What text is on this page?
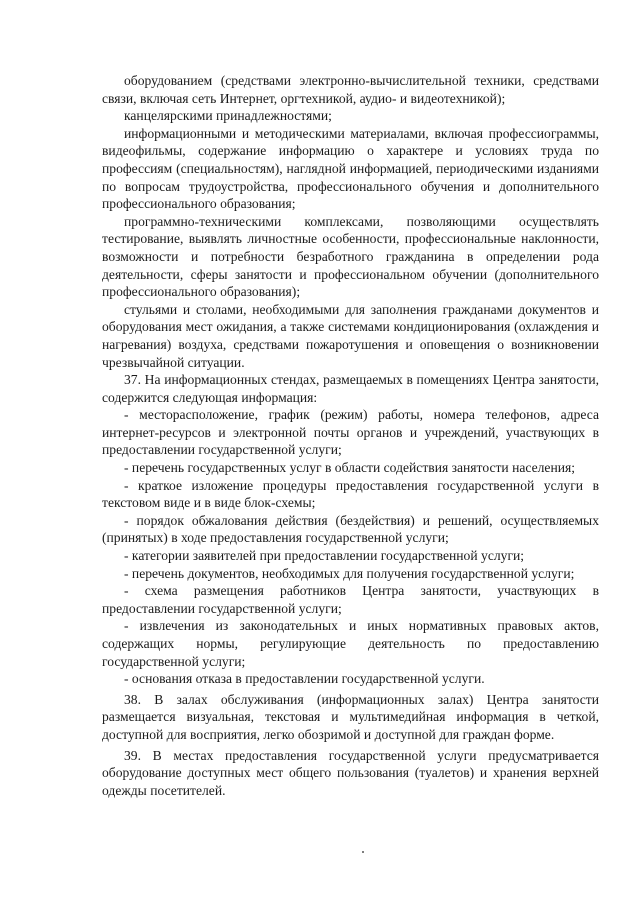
оборудованием (средствами электронно-вычислительной техники, средствами связи, включая сеть Интернет, оргтехникой, аудио- и видеотехникой);

канцелярскими принадлежностями;

информационными и методическими материалами, включая профессиограммы, видеофильмы, содержание информацию о характере и условиях труда по профессиям (специальностям), наглядной информацией, периодическими изданиями по вопросам трудоустройства, профессионального обучения и дополнительного профессионального образования;

программно-техническими комплексами, позволяющими осуществлять тестирование, выявлять личностные особенности, профессиональные наклонности, возможности и потребности безработного гражданина в определении рода деятельности, сферы занятости и профессиональном обучении (дополнительного профессионального образования);

стульями и столами, необходимыми для заполнения гражданами документов и оборудования мест ожидания, а также системами кондиционирования (охлаждения и нагревания) воздуха, средствами пожаротушения и оповещения о возникновении чрезвычайной ситуации.

37. На информационных стендах, размещаемых в помещениях Центра занятости, содержится следующая информация:

- месторасположение, график (режим) работы, номера телефонов, адреса интернет-ресурсов и электронной почты органов и учреждений, участвующих в предоставлении государственной услуги;

- перечень государственных услуг в области содействия занятости населения;

- краткое изложение процедуры предоставления государственной услуги в текстовом виде и в виде блок-схемы;

- порядок обжалования действия (бездействия) и решений, осуществляемых (принятых) в ходе предоставления государственной услуги;

- категории заявителей при предоставлении государственной услуги;

- перечень документов, необходимых для получения государственной услуги;

- схема размещения работников Центра занятости, участвующих в предоставлении государственной услуги;

- извлечения из законодательных и иных нормативных правовых актов, содержащих нормы, регулирующие деятельность по предоставлению государственной услуги;

- основания отказа в предоставлении государственной услуги.

38. В залах обслуживания (информационных залах) Центра занятости размещается визуальная, текстовая и мультимедийная информация в четкой, доступной для восприятия, легко обозримой и доступной для граждан форме.

39. В местах предоставления государственной услуги предусматривается оборудование доступных мест общего пользования (туалетов) и хранения верхней одежды посетителей.
